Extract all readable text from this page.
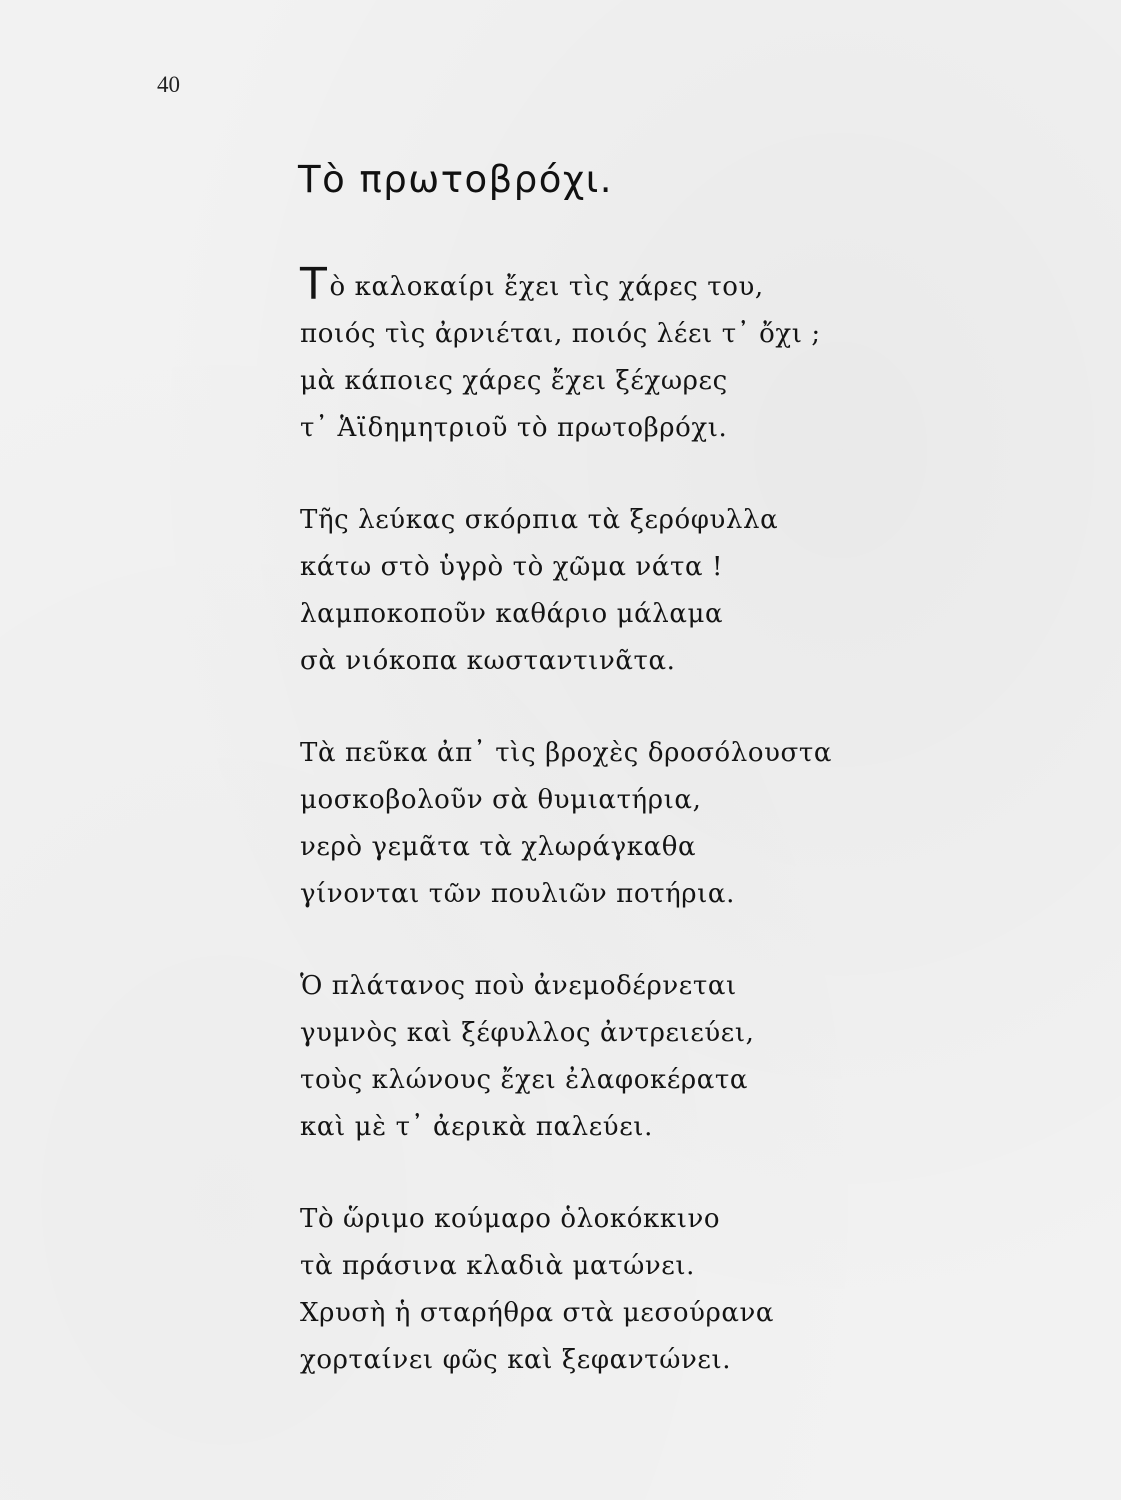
40
Τὸ πρωτοβρόχι.
Τὸ καλοκαίρι ἔχει τὶς χάρες του,
ποιός τὶς ἀρνιέται, ποιός λέει τ᾽ ὄχι ;
μὰ κάποιες χάρες ἔχει ξέχωρες
τ᾽ Ἁϊδημητριοῦ τὸ πρωτοβρόχι.
Τῆς λεύκας σκόρπια τὰ ξερόφυλλα
κάτω στὸ ὑγρὸ τὸ χῶμα νάτα !
λαμποκοποῦν καθάριο μάλαμα
σὰ νιόκοπα κωσταντινᾶτα.
Τὰ πεῦκα ἀπ᾽ τὶς βροχὲς δροσόλουστα
μοσκοβολοῦν σὰ θυμιατήρια,
νερὸ γεμᾶτα τὰ χλωράγκαθα
γίνονται τῶν πουλιῶν ποτήρια.
Ὁ πλάτανος ποὺ ἀνεμοδέρνεται
γυμνὸς καὶ ξέφυλλος ἀντρειεύει,
τοὺς κλώνους ἔχει ἐλαφοκέρατα
καὶ μὲ τ᾽ ἀερικὰ παλεύει.
Τὸ ὥριμο κούμαρο ὁλοκόκκινο
τὰ πράσινα κλαδιὰ ματώνει.
Χρυσὴ ἡ σταρήθρα στὰ μεσούρανα
χορταίνει φῶς καὶ ξεφαντώνει.
